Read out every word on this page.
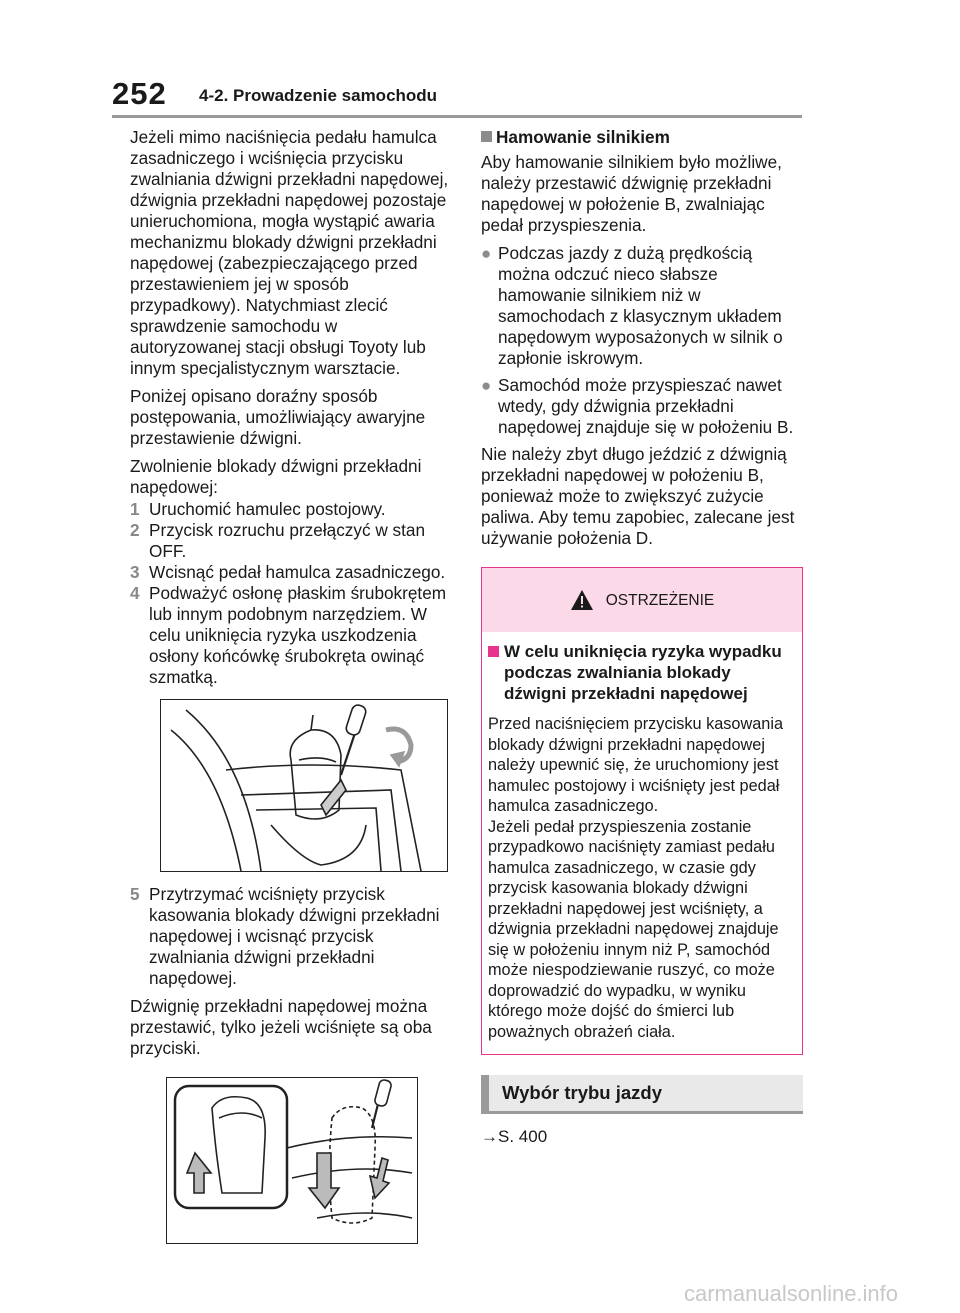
252 4-2. Prowadzenie samochodu

Jeżeli mimo naciśnięcia pedału hamulca zasadniczego i wciśnięcia przycisku zwalniania dźwigni przekładni napędowej, dźwignia przekładni napędowej pozostaje unieruchomiona, mogła wystąpić awaria mechanizmu blokady dźwigni przekładni napędowej (zabezpieczającego przed przestawieniem jej w sposób przypadkowy). Natychmiast zlecić sprawdzenie samochodu w autoryzowanej stacji obsługi Toyoty lub innym specjalistycznym warsztacie.

Poniżej opisano doraźny sposób postępowania, umożliwiający awaryjne przestawienie dźwigni.

Zwolnienie blokady dźwigni przekładni napędowej:

1 Uruchomić hamulec postojowy.
2 Przycisk rozruchu przełączyć w stan OFF.
3 Wcisnąć pedał hamulca zasadniczego.
4 Podważyć osłonę płaskim śrubokrętem lub innym podobnym narzędziem. W celu uniknięcia ryzyka uszkodzenia osłony końcówkę śrubokręta owinąć szmatką.
5 Przytrzymać wciśnięty przycisk kasowania blokady dźwigni przekładni napędowej i wcisnąć przycisk zwalniania dźwigni przekładni napędowej.

Dźwignię przekładni napędowej można przestawić, tylko jeżeli wciśnięte są oba przyciski.

Hamowanie silnikiem

Aby hamowanie silnikiem było możliwe, należy przestawić dźwignię przekładni napędowej w położenie B, zwalniając pedał przyspieszenia.

● Podczas jazdy z dużą prędkością można odczuć nieco słabsze hamowanie silnikiem niż w samochodach z klasycznym układem napędowym wyposażonych w silnik o zapłonie iskrowym.
● Samochód może przyspieszać nawet wtedy, gdy dźwignia przekładni napędowej znajduje się w położeniu B.

Nie należy zbyt długo jeździć z dźwignią przekładni napędowej w położeniu B, ponieważ może to zwiększyć zużycie paliwa. Aby temu zapobiec, zalecane jest używanie położenia D.

OSTRZEŻENIE
W celu uniknięcia ryzyka wypadku podczas zwalniania blokady dźwigni przekładni napędowej
Przed naciśnięciem przycisku kasowania blokady dźwigni przekładni napędowej należy upewnić się, że uruchomiony jest hamulec postojowy i wciśnięty jest pedał hamulca zasadniczego.
Jeżeli pedał przyspieszenia zostanie przypadkowo naciśnięty zamiast pedału hamulca zasadniczego, w czasie gdy przycisk kasowania blokady dźwigni przekładni napędowej jest wciśnięty, a dźwignia przekładni napędowej znajduje się w położeniu innym niż P, samochód może niespodziewanie ruszyć, co może doprowadzić do wypadku, w wyniku którego może dojść do śmierci lub poważnych obrażeń ciała.
Wybór trybu jazdy
→S. 400
carmanualsonline.info
